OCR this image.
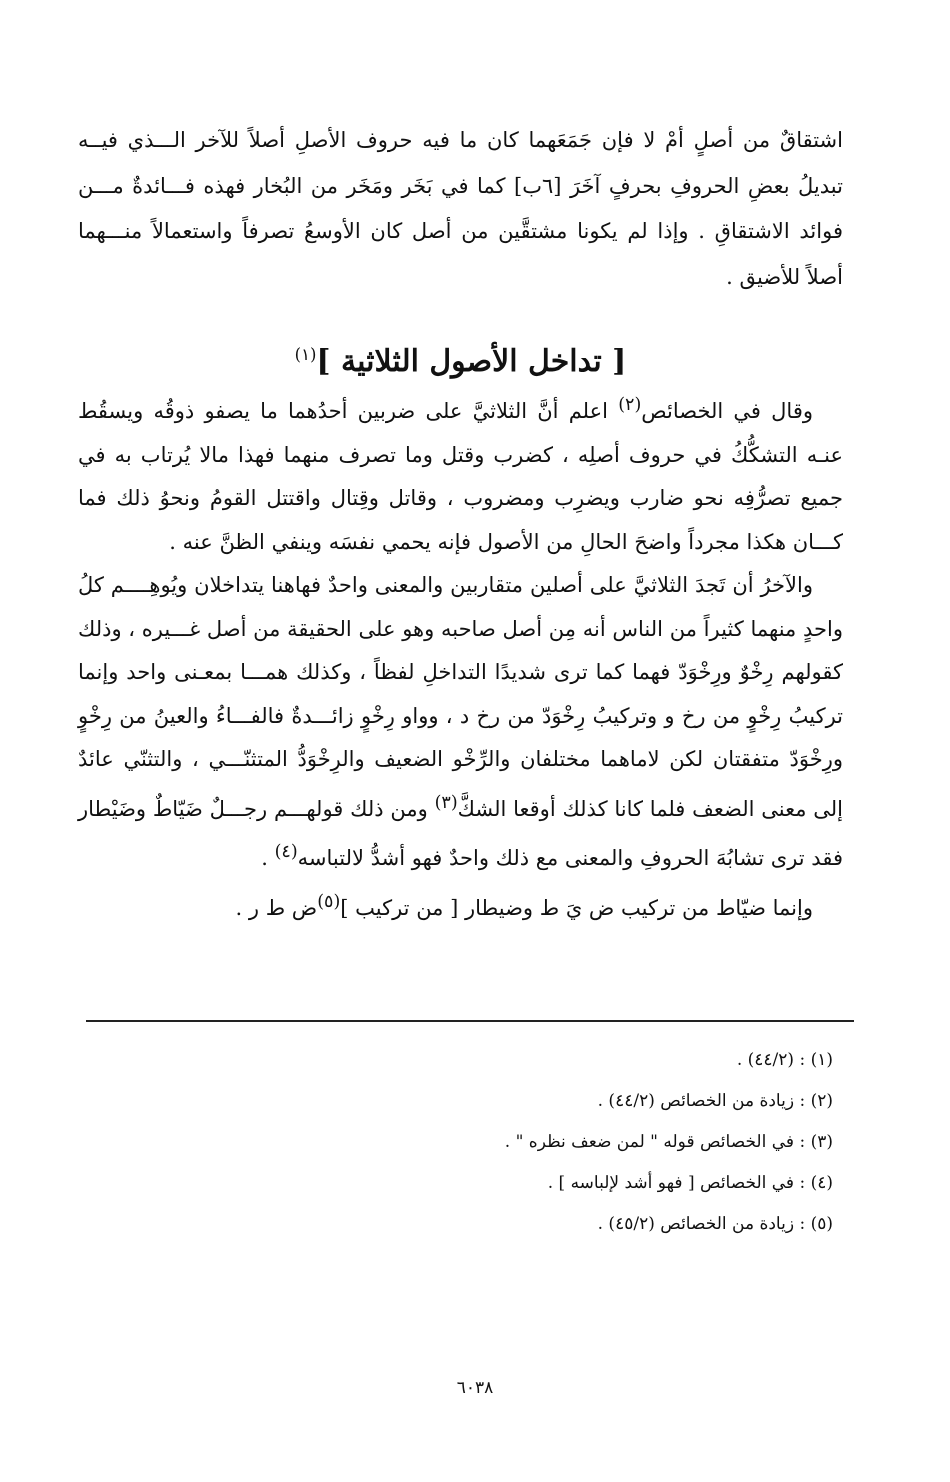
اشتقاقٌ من أصلٍ أمْ لا فإن جَمَعَهما كان ما فيه حروف الأصلِ أصلاً للآخر الـــذي فيــه تبديلُ بعضِ الحروفِ بحرفٍ آخَرَ [٦ب] كما في بَخَر ومَخَر من البُخار فهذه فـــائدةٌ مـــن فوائد الاشتقاقِ . وإذا لم يكونا مشتقَّين من أصل كان الأوسعُ تصرفاً واستعمالاً منـــهما أصلاً للأضيق .

[ تداخل الأصول الثلاثية ]$^{(١)}$

وقال في الخصائص$^{(٢)}$ اعلم أنَّ الثلاثيَّ على ضربين أحدُهما ما يصفو ذوقُه ويسقُط عنـه التشكُّكُ في حروف أصلِه ، كضرب وقتل وما تصرف منهما فهذا مالا يُرتاب به في جميع تصرُّفِه نحو ضارب ويضرِب ومضروب ، وقاتل وقِتال واقتتل القومُ ونحوُ ذلك فما كـــان هكذا مجرداً واضحَ الحالِ من الأصول فإنه يحمي نفسَه وينفي الظنَّ عنه .

والآخرُ أن تَجدَ الثلاثيَّ على أصلين متقاربين والمعنى واحدٌ فهاهنا يتداخلان ويُوهِــــم كلُ واحدٍ منهما كثيراً من الناس أنه مِن أصل صاحبه وهو على الحقيقة من أصل غـــيره ، وذلك كقولهم رِخْوٌ ورِخْوَدّ فهما كما ترى شديدًا التداخلِ لفظاً ، وكذلك همـــا بمعـنى واحد وإنما تركيبُ رِخْوٍ من رخ و وتركيبُ رِخْوَدّ من رخ د ، وواو رِخْوٍ زائـــدةٌ فالفـــاءُ والعينُ من رِخْوٍ ورِخْوَدّ متفقتان لكن لاماهما مختلفان والرِّخْو الضعيف والرِخْوَدُّ المتثنّـــي ، والتثنّي عائدٌ إلى معنى الضعف فلما كانا كذلك أوقعا الشكَّ$^{(٣)}$ ومن ذلك قولهـــم رجـــلٌ ضَيّاطٌ وضَيْطار فقد ترى تشابُهَ الحروفِ والمعنى مع ذلك واحدٌ فهو أشدُّ لالتباسه$^{(٤)}$ .

وإنما ضيّاط من تركيب ض يَ ط وضيطار [ من تركيب ]$^{(٥)}$ض ط ر .

(١) : (٤٤/٢) .

(٢) : زيادة من الخصائص (٤٤/٢) .

(٣) : في الخصائص قوله " لمن ضعف نظره " .

(٤) : في الخصائص [ فهو أشد لإلباسه ] .

(٥) : زيادة من الخصائص (٤٥/٢) .

٦٠٣٨
